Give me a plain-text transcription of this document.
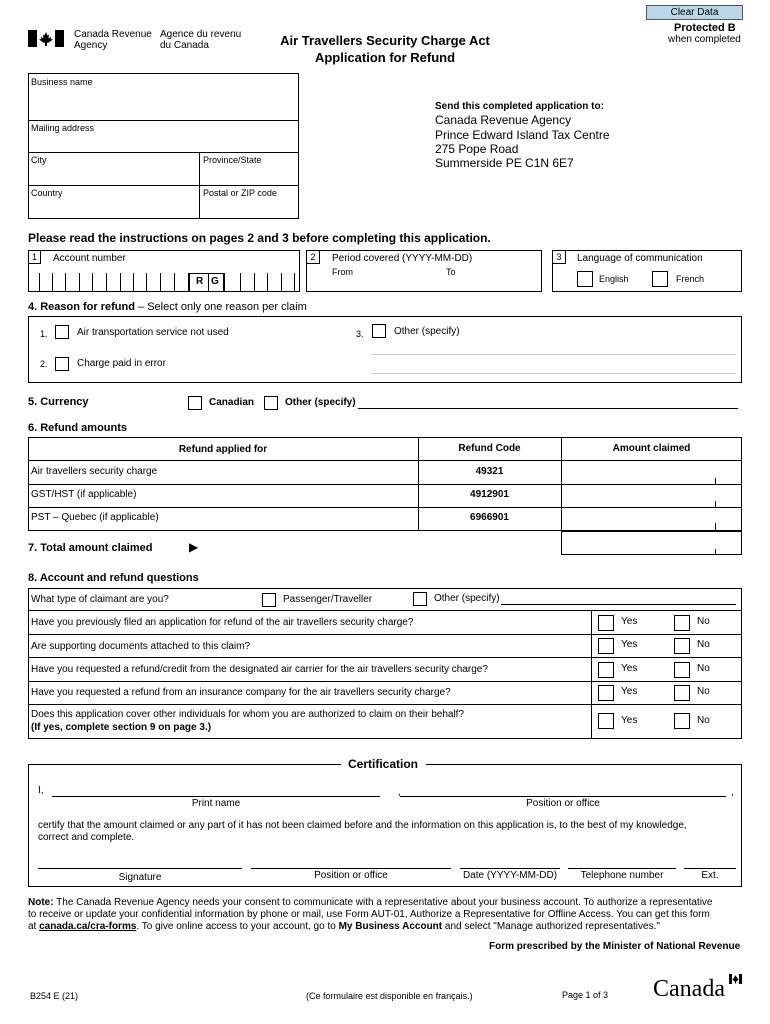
Clear Data
Protected B
when completed
Canada Revenue
Agency
Agence du revenu
du Canada	Air Travellers Security Charge Act
Application for Refund
Business name
Mailing address
City	Province/State
Country	Postal or ZIP code
Send this completed application to:
Canada Revenue Agency
Prince Edward Island Tax Centre
275 Pope Road
Summerside PE C1N 6E7
Please read the instructions on pages 2 and 3 before completing this application.
1	Account number
R G
2	Period covered (YYYY-MM-DD)
From	To
3	Language of communication
English	French
4. Reason for refund – Select only one reason per claim
1.	Air transportation service not used
2.	Charge paid in error
3.	Other (specify)
5. Currency	Canadian	Other (specify)
6. Refund amounts
Refund applied for	Refund Code	Amount claimed
Air travellers security charge	49321
GST/HST (if applicable)	4912901
PST – Quebec (if applicable)	6966901
7. Total amount claimed	▶
8. Account and refund questions
What type of claimant are you?	Passenger/Traveller	Other (specify)
Have you previously filed an application for refund of the air travellers security charge?	Yes	No
Are supporting documents attached to this claim?	Yes	No
Have you requested a refund/credit from the designated air carrier for the air travellers security charge?	Yes	No
Have you requested a refund from an insurance company for the air travellers security charge?	Yes	No
Does this application cover other individuals for whom you are authorized to claim on their behalf?
(If yes, complete section 9 on page 3.)
Yes	No
Certification
I,	,	,
Print name	Position or office
certify that the amount claimed or any part of it has not been claimed before and the information on this application is, to the best of my knowledge,
correct and complete.
Signature	Position or office	Date (YYYY-MM-DD)	Telephone number	Ext.
Note: The Canada Revenue Agency needs your consent to communicate with a representative about your business account. To authorize a representative
to receive or update your confidential information by phone or mail, use Form AUT-01, Authorize a Representative for Offline Access. You can get this form
at canada.ca/cra-forms. To give online access to your account, go to My Business Account and select "Manage authorized representatives."
Form prescribed by the Minister of National Revenue
B254 E (21)	(Ce formulaire est disponible en français.)	Page 1 of 3 Canada
